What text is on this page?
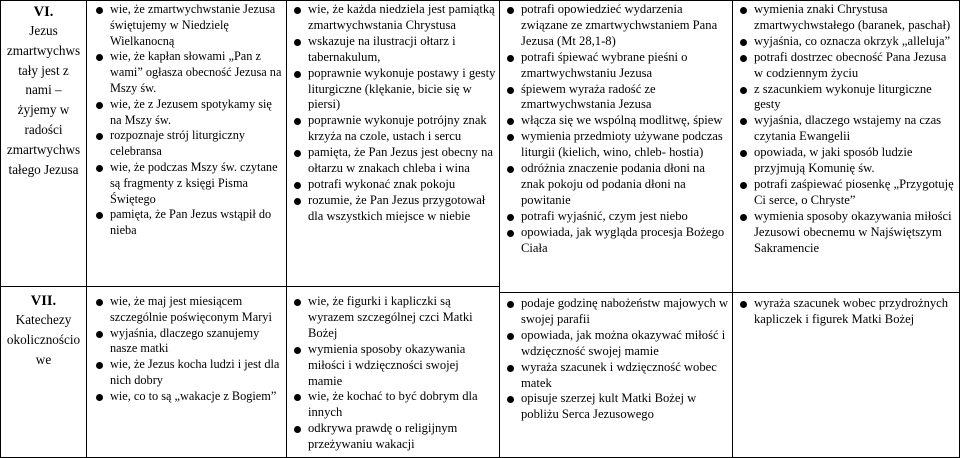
VI.
Jezus
zmartwychws
tały jest z
nami –
żyjemy w
radości
zmartwychws
tałego Jezusa
VII.
Katechezy
okolicznościo
we
wie, że zmartwychwstanie Jezusa świętujemy w Niedzielę Wielkanocną
wie, że kapłan słowami „Pan z wami” ogłasza obecność Jezusa na Mszy św.
wie, że z Jezusem spotykamy się na Mszy św.
rozpoznaje strój liturgiczny celebransa
wie, że podczas Mszy św. czytane są fragmenty z księgi Pisma Świętego
pamięta, że Pan Jezus wstąpił do nieba
wie, że maj jest miesiącem szczególnie poświęconym Maryi
wyjaśnia, dlaczego szanujemy nasze matki
wie, że Jezus kocha ludzi i jest dla nich dobry
wie, co to są „wakacje z Bogiem”
wie, że każda niedziela jest pamiątką zmartwychwstania Chrystusa
wskazuje na ilustracji ołtarz i tabernakulum,
poprawnie wykonuje postawy i gesty liturgiczne (klękanie, bicie się w piersi)
poprawnie wykonuje potrójny znak krzyża na czole, ustach i sercu
pamięta, że Pan Jezus jest obecny na ołtarzu w znakach chleba i wina
potrafi wykonać znak pokoju
rozumie, że Pan Jezus przygotował dla wszystkich miejsce w niebie
wie, że figurki i kapliczki są wyrazem szczególnej czci Matki Bożej
wymienia sposoby okazywania miłości i wdzięczności swojej mamie
wie, że kochać to być dobrym dla innych
odkrywa prawdę o religijnym przeżywaniu wakacji
potrafi opowiedzieć wydarzenia związane ze zmartwychwstaniem Pana Jezusa (Mt 28,1-8)
potrafi śpiewać wybrane pieśni o zmartwychwstaniu Jezusa
śpiewem wyraża radość ze zmartwychwstania Jezusa
włącza się we wspólną modlitwę, śpiew
wymienia przedmioty używane podczas liturgii (kielich, wino, chleb- hostia)
odróżnia znaczenie podania dłoni na znak pokoju od podania dłoni na powitanie
potrafi wyjaśnić, czym jest niebo
opowiada, jak wygląda procesja Bożego Ciała
podaje godzinę nabożeństw majowych w swojej parafii
opowiada, jak można okazywać miłość i wdzięczność swojej mamie
wyraża szacunek i wdzięczność wobec matek
opisuje szerzej kult Matki Bożej w pobliżu Serca Jezusowego
wymienia znaki Chrystusa zmartwychwstałego (baranek, paschał)
wyjaśnia, co oznacza okrzyk „alleluja”
potrafi dostrzec obecność Pana Jezusa w codziennym życiu
z szacunkiem wykonuje liturgiczne gesty
wyjaśnia, dlaczego wstajemy na czas czytania Ewangelii
opowiada, w jaki sposób ludzie przyjmują Komunię św.
potrafi zaśpiewać piosenkę „Przygotuję Ci serce, o Chryste”
wymienia sposoby okazywania miłości Jezusowi obecnemu w Najświętszym Sakramencie
wyraża szacunek wobec przydrożnych kapliczek i figurek Matki Bożej
